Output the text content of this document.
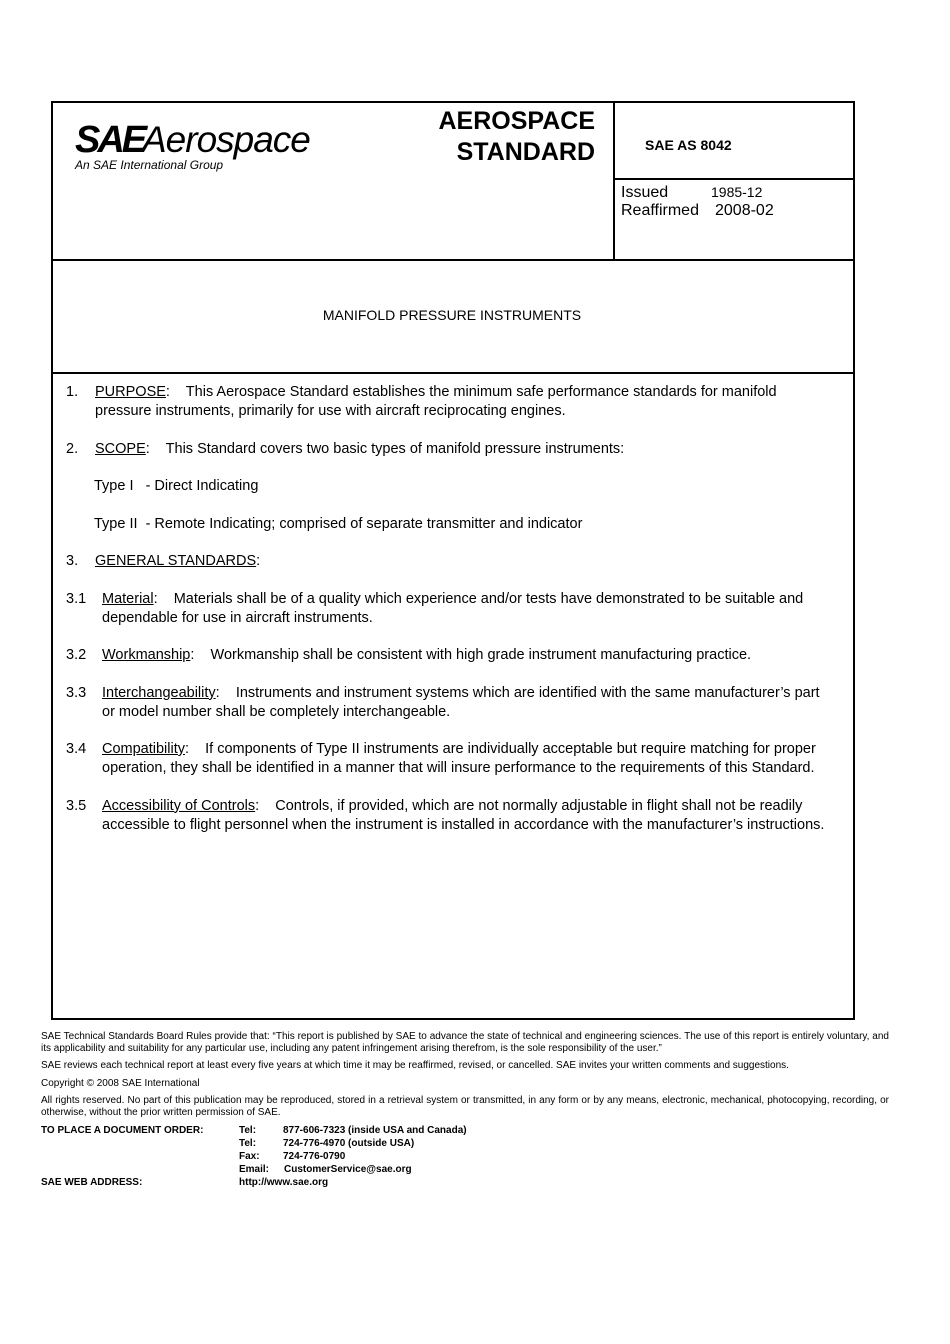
SAE
Aerospace
An SAE International Group
AEROSPACE
STANDARD	SAE AS 8042
Issued	1985-12
Reaffirmed 2008-02
MANIFOLD PRESSURE INSTRUMENTS
1.	PURPOSE:    This Aerospace Standard establishes the minimum safe performance standards for manifold pressure instruments, primarily for use with aircraft reciprocating engines.
2.	SCOPE:    This Standard covers two basic types of manifold pressure instruments:
Type I   - Direct Indicating
Type II  - Remote Indicating; comprised of separate transmitter and indicator
3.	GENERAL STANDARDS:
3.1	Material:    Materials shall be of a quality which experience and/or tests have demonstrated to be suitable and dependable for use in aircraft instruments.
3.2	Workmanship:    Workmanship shall be consistent with high grade instrument manufacturing practice.
3.3	Interchangeability:    Instruments and instrument systems which are identified with the same manufacturer’s part or model number shall be completely interchangeable.
3.4	Compatibility:    If components of Type II instruments are individually acceptable but require matching for proper operation, they shall be identified in a manner that will insure performance to the requirements of this Standard.
3.5	Accessibility of Controls:    Controls, if provided, which are not normally adjustable in flight shall not be readily accessible to flight personnel when the instrument is installed in accordance with the manufacturer’s instructions.

SAE Technical Standards Board Rules provide that: “This report is published by SAE to advance the state of technical and engineering sciences. The use of this report is entirely voluntary, and its applicability and suitability for any particular use, including any patent infringement arising therefrom, is the sole responsibility of the user.”

SAE reviews each technical report at least every five years at which time it may be reaffirmed, revised, or cancelled. SAE invites your written comments and suggestions.

Copyright © 2008 SAE International

All rights reserved. No part of this publication may be reproduced, stored in a retrieval system or transmitted, in any form or by any means, electronic, mechanical, photocopying, recording, or otherwise, without the prior written permission of SAE.

TO PLACE A DOCUMENT ORDER:	Tel:	877-606-7323 (inside USA and Canada)
Tel:	724-776-4970 (outside USA)
Fax: 724-776-0790
Email: CustomerService@sae.org
SAE WEB ADDRESS:	http://www.sae.org
